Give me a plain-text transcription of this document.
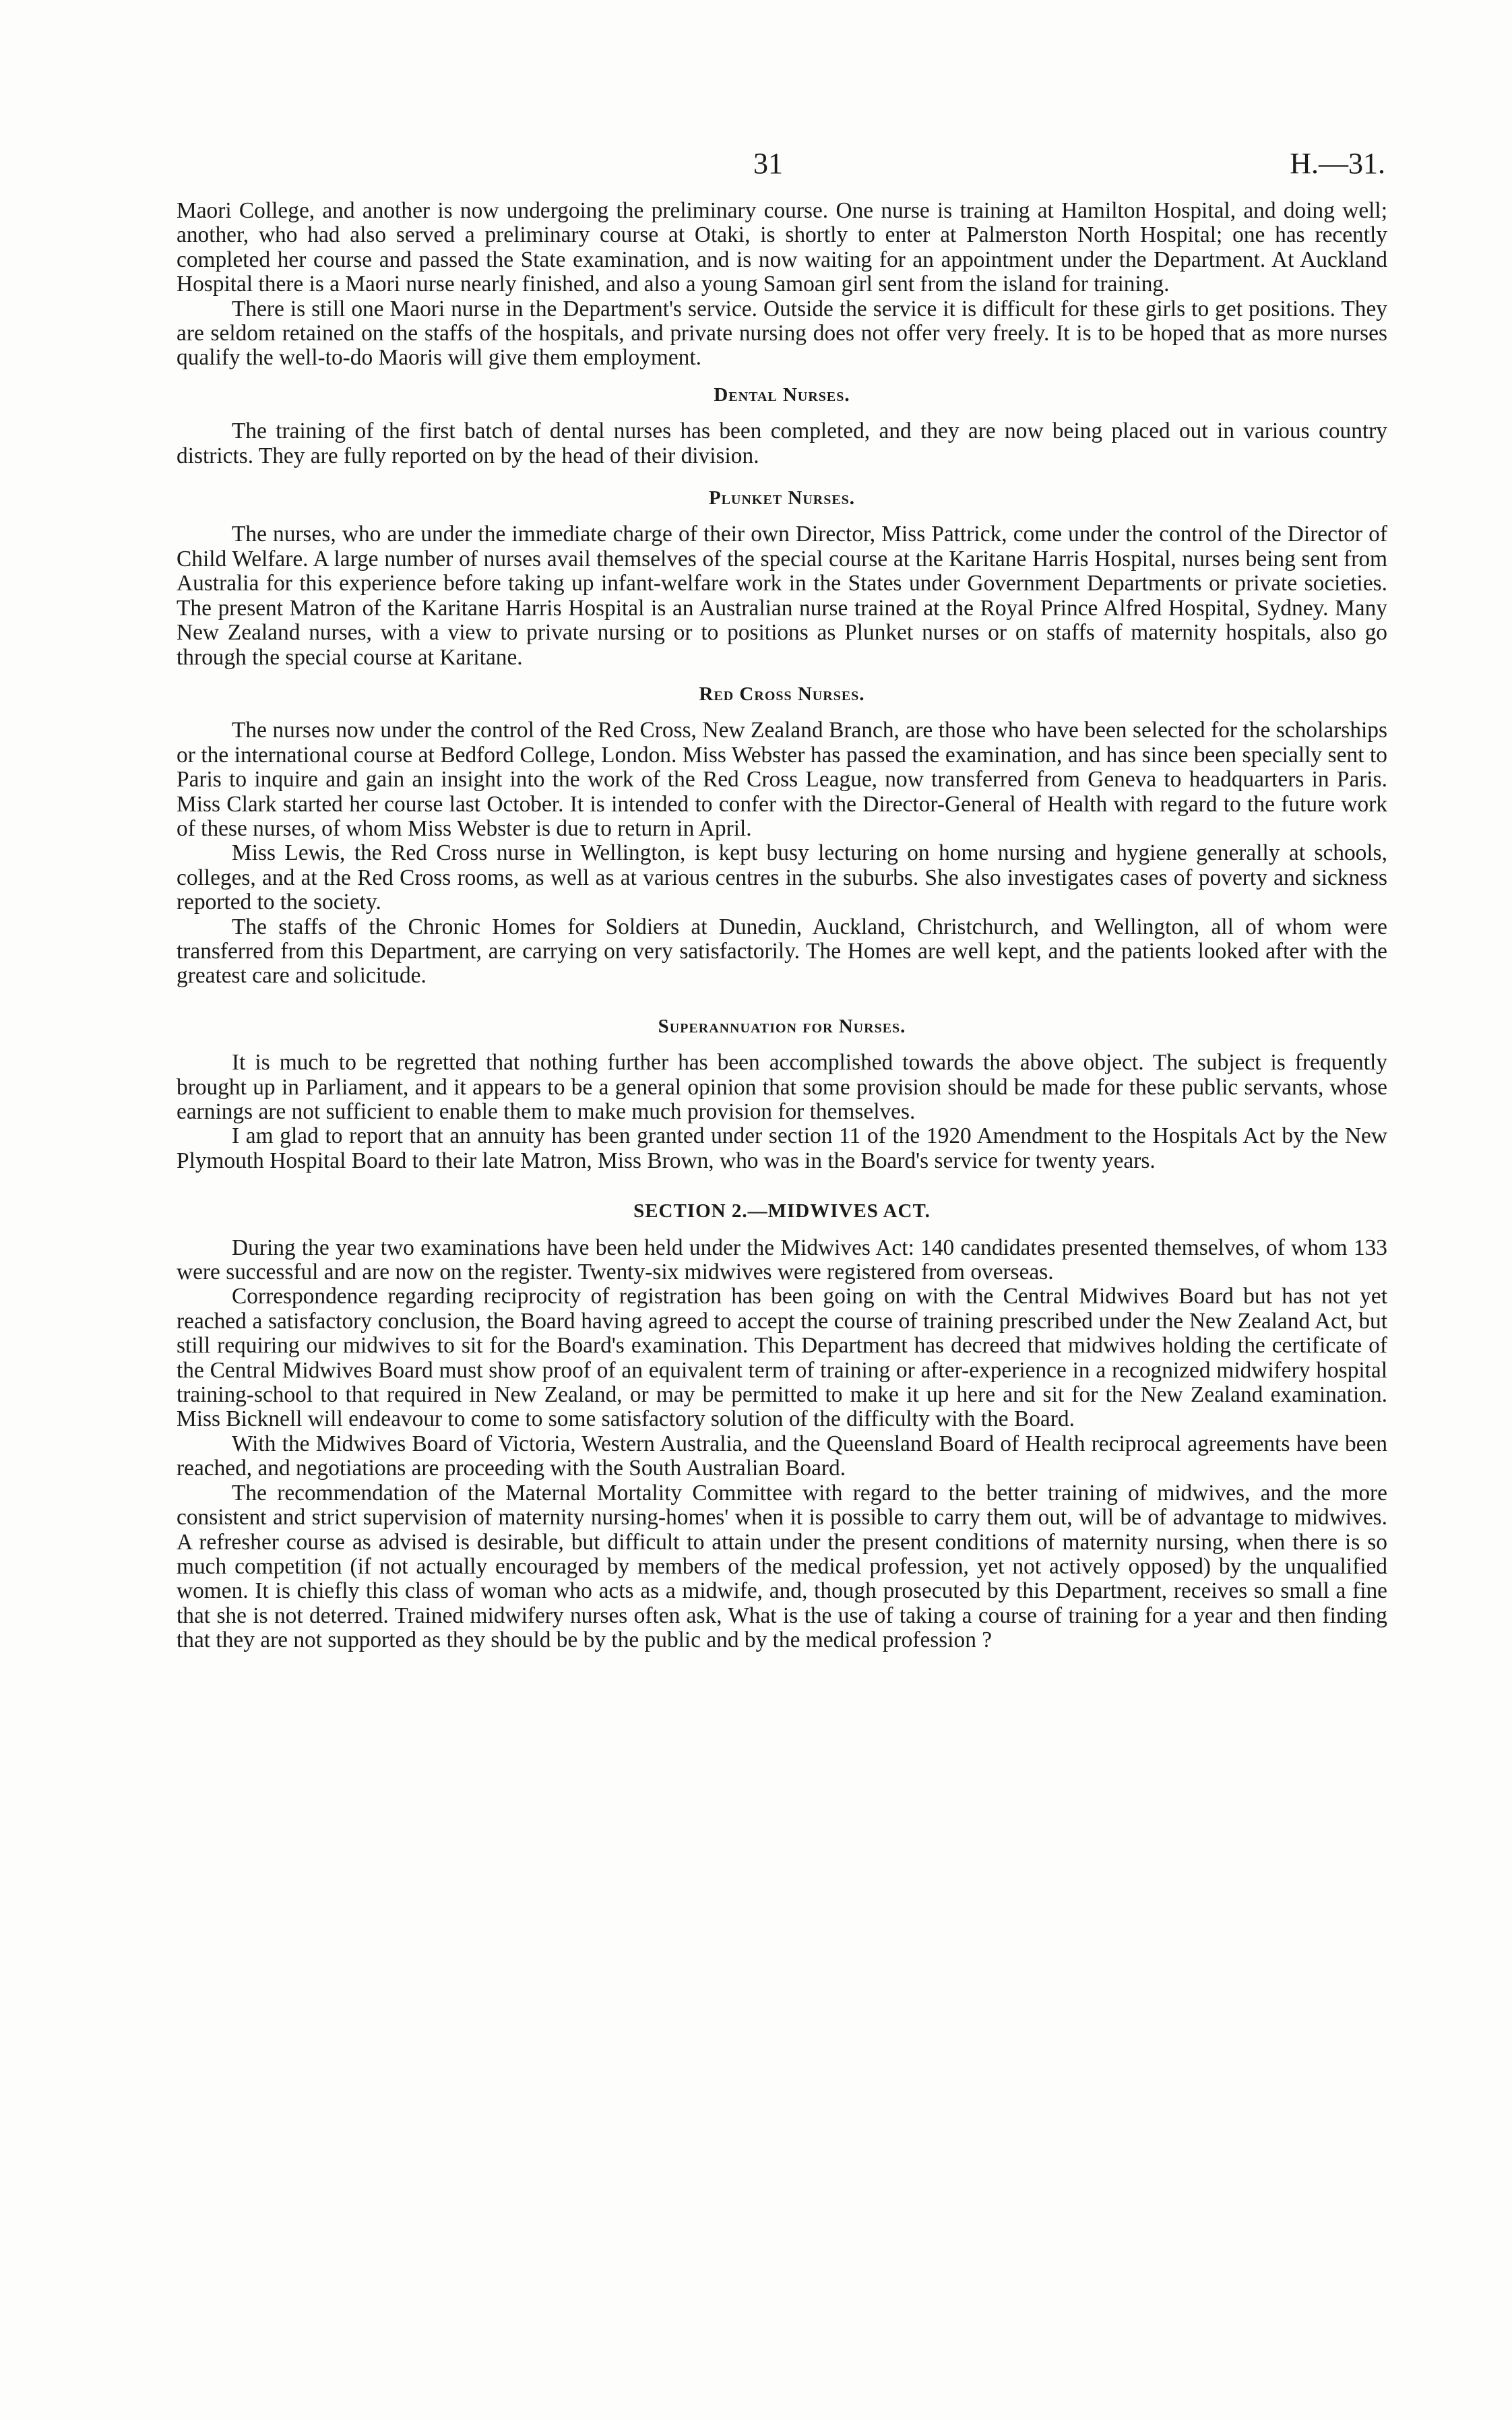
31	H.—31.

Maori College, and another is now undergoing the preliminary course. One nurse is training at Hamilton Hospital, and doing well; another, who had also served a preliminary course at Otaki, is shortly to enter at Palmerston North Hospital; one has recently completed her course and passed the State examination, and is now waiting for an appointment under the Department. At Auckland Hospital there is a Maori nurse nearly finished, and also a young Samoan girl sent from the island for training.

There is still one Maori nurse in the Department's service. Outside the service it is difficult for these girls to get positions. They are seldom retained on the staffs of the hospitals, and private nursing does not offer very freely. It is to be hoped that as more nurses qualify the well-to-do Maoris will give them employment.

Dental Nurses.

The training of the first batch of dental nurses has been completed, and they are now being placed out in various country districts. They are fully reported on by the head of their division.

Plunket Nurses.

The nurses, who are under the immediate charge of their own Director, Miss Pattrick, come under the control of the Director of Child Welfare. A large number of nurses avail themselves of the special course at the Karitane Harris Hospital, nurses being sent from Australia for this experience before taking up infant-welfare work in the States under Government Departments or private societies. The present Matron of the Karitane Harris Hospital is an Australian nurse trained at the Royal Prince Alfred Hospital, Sydney. Many New Zealand nurses, with a view to private nursing or to positions as Plunket nurses or on staffs of maternity hospitals, also go through the special course at Karitane.

Red Cross Nurses.

The nurses now under the control of the Red Cross, New Zealand Branch, are those who have been selected for the scholarships or the international course at Bedford College, London. Miss Webster has passed the examination, and has since been specially sent to Paris to inquire and gain an insight into the work of the Red Cross League, now transferred from Geneva to headquarters in Paris. Miss Clark started her course last October. It is intended to confer with the Director-General of Health with regard to the future work of these nurses, of whom Miss Webster is due to return in April.

Miss Lewis, the Red Cross nurse in Wellington, is kept busy lecturing on home nursing and hygiene generally at schools, colleges, and at the Red Cross rooms, as well as at various centres in the suburbs. She also investigates cases of poverty and sickness reported to the society.

The staffs of the Chronic Homes for Soldiers at Dunedin, Auckland, Christchurch, and Wellington, all of whom were transferred from this Department, are carrying on very satisfactorily. The Homes are well kept, and the patients looked after with the greatest care and solicitude.

Superannuation for Nurses.

It is much to be regretted that nothing further has been accomplished towards the above object. The subject is frequently brought up in Parliament, and it appears to be a general opinion that some provision should be made for these public servants, whose earnings are not sufficient to enable them to make much provision for themselves.

I am glad to report that an annuity has been granted under section 11 of the 1920 Amendment to the Hospitals Act by the New Plymouth Hospital Board to their late Matron, Miss Brown, who was in the Board's service for twenty years.

SECTION 2.—MIDWIVES ACT.

During the year two examinations have been held under the Midwives Act: 140 candidates presented themselves, of whom 133 were successful and are now on the register. Twenty-six midwives were registered from overseas.

Correspondence regarding reciprocity of registration has been going on with the Central Midwives Board but has not yet reached a satisfactory conclusion, the Board having agreed to accept the course of training prescribed under the New Zealand Act, but still requiring our midwives to sit for the Board's examination. This Department has decreed that midwives holding the certificate of the Central Midwives Board must show proof of an equivalent term of training or after-experience in a recognized midwifery hospital training-school to that required in New Zealand, or may be permitted to make it up here and sit for the New Zealand examination. Miss Bicknell will endeavour to come to some satisfactory solution of the difficulty with the Board.

With the Midwives Board of Victoria, Western Australia, and the Queensland Board of Health reciprocal agreements have been reached, and negotiations are proceeding with the South Australian Board.

The recommendation of the Maternal Mortality Committee with regard to the better training of midwives, and the more consistent and strict supervision of maternity nursing-homes' when it is possible to carry them out, will be of advantage to midwives. A refresher course as advised is desirable, but difficult to attain under the present conditions of maternity nursing, when there is so much competition (if not actually encouraged by members of the medical profession, yet not actively opposed) by the unqualified women. It is chiefly this class of woman who acts as a midwife, and, though prosecuted by this Department, receives so small a fine that she is not deterred. Trained midwifery nurses often ask, What is the use of taking a course of training for a year and then finding that they are not supported as they should be by the public and by the medical profession ?
